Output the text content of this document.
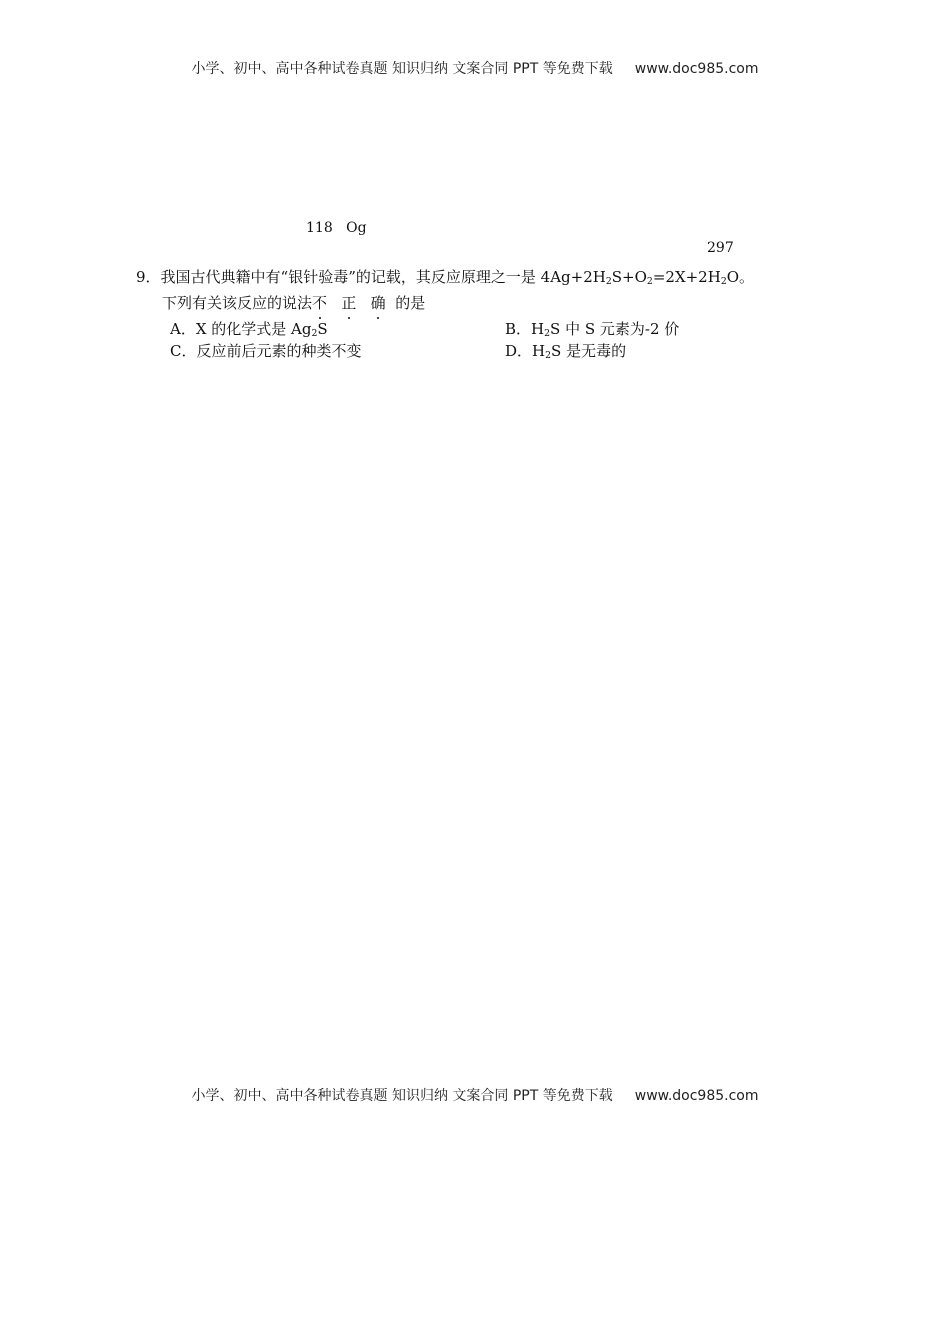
小学、初中、高中各种试卷真题 知识归纳 文案合同 PPT 等免费下载 www.doc985.com
118 Og
297
9．我国古代典籍中有“银针验毒”的记载，其反应原理之一是 $4Ag+2H_2S+O_2=2X+2H_2O$。
下列有关该反应的说法不 正 确 的是
A．X 的化学式是 $Ag_2S$	B．$H_2S$ 中 S 元素为-2 价
C．反应前后元素的种类不变	D．$H_2S$ 是无毒的
小学、初中、高中各种试卷真题 知识归纳 文案合同 PPT 等免费下载 www.doc985.com
